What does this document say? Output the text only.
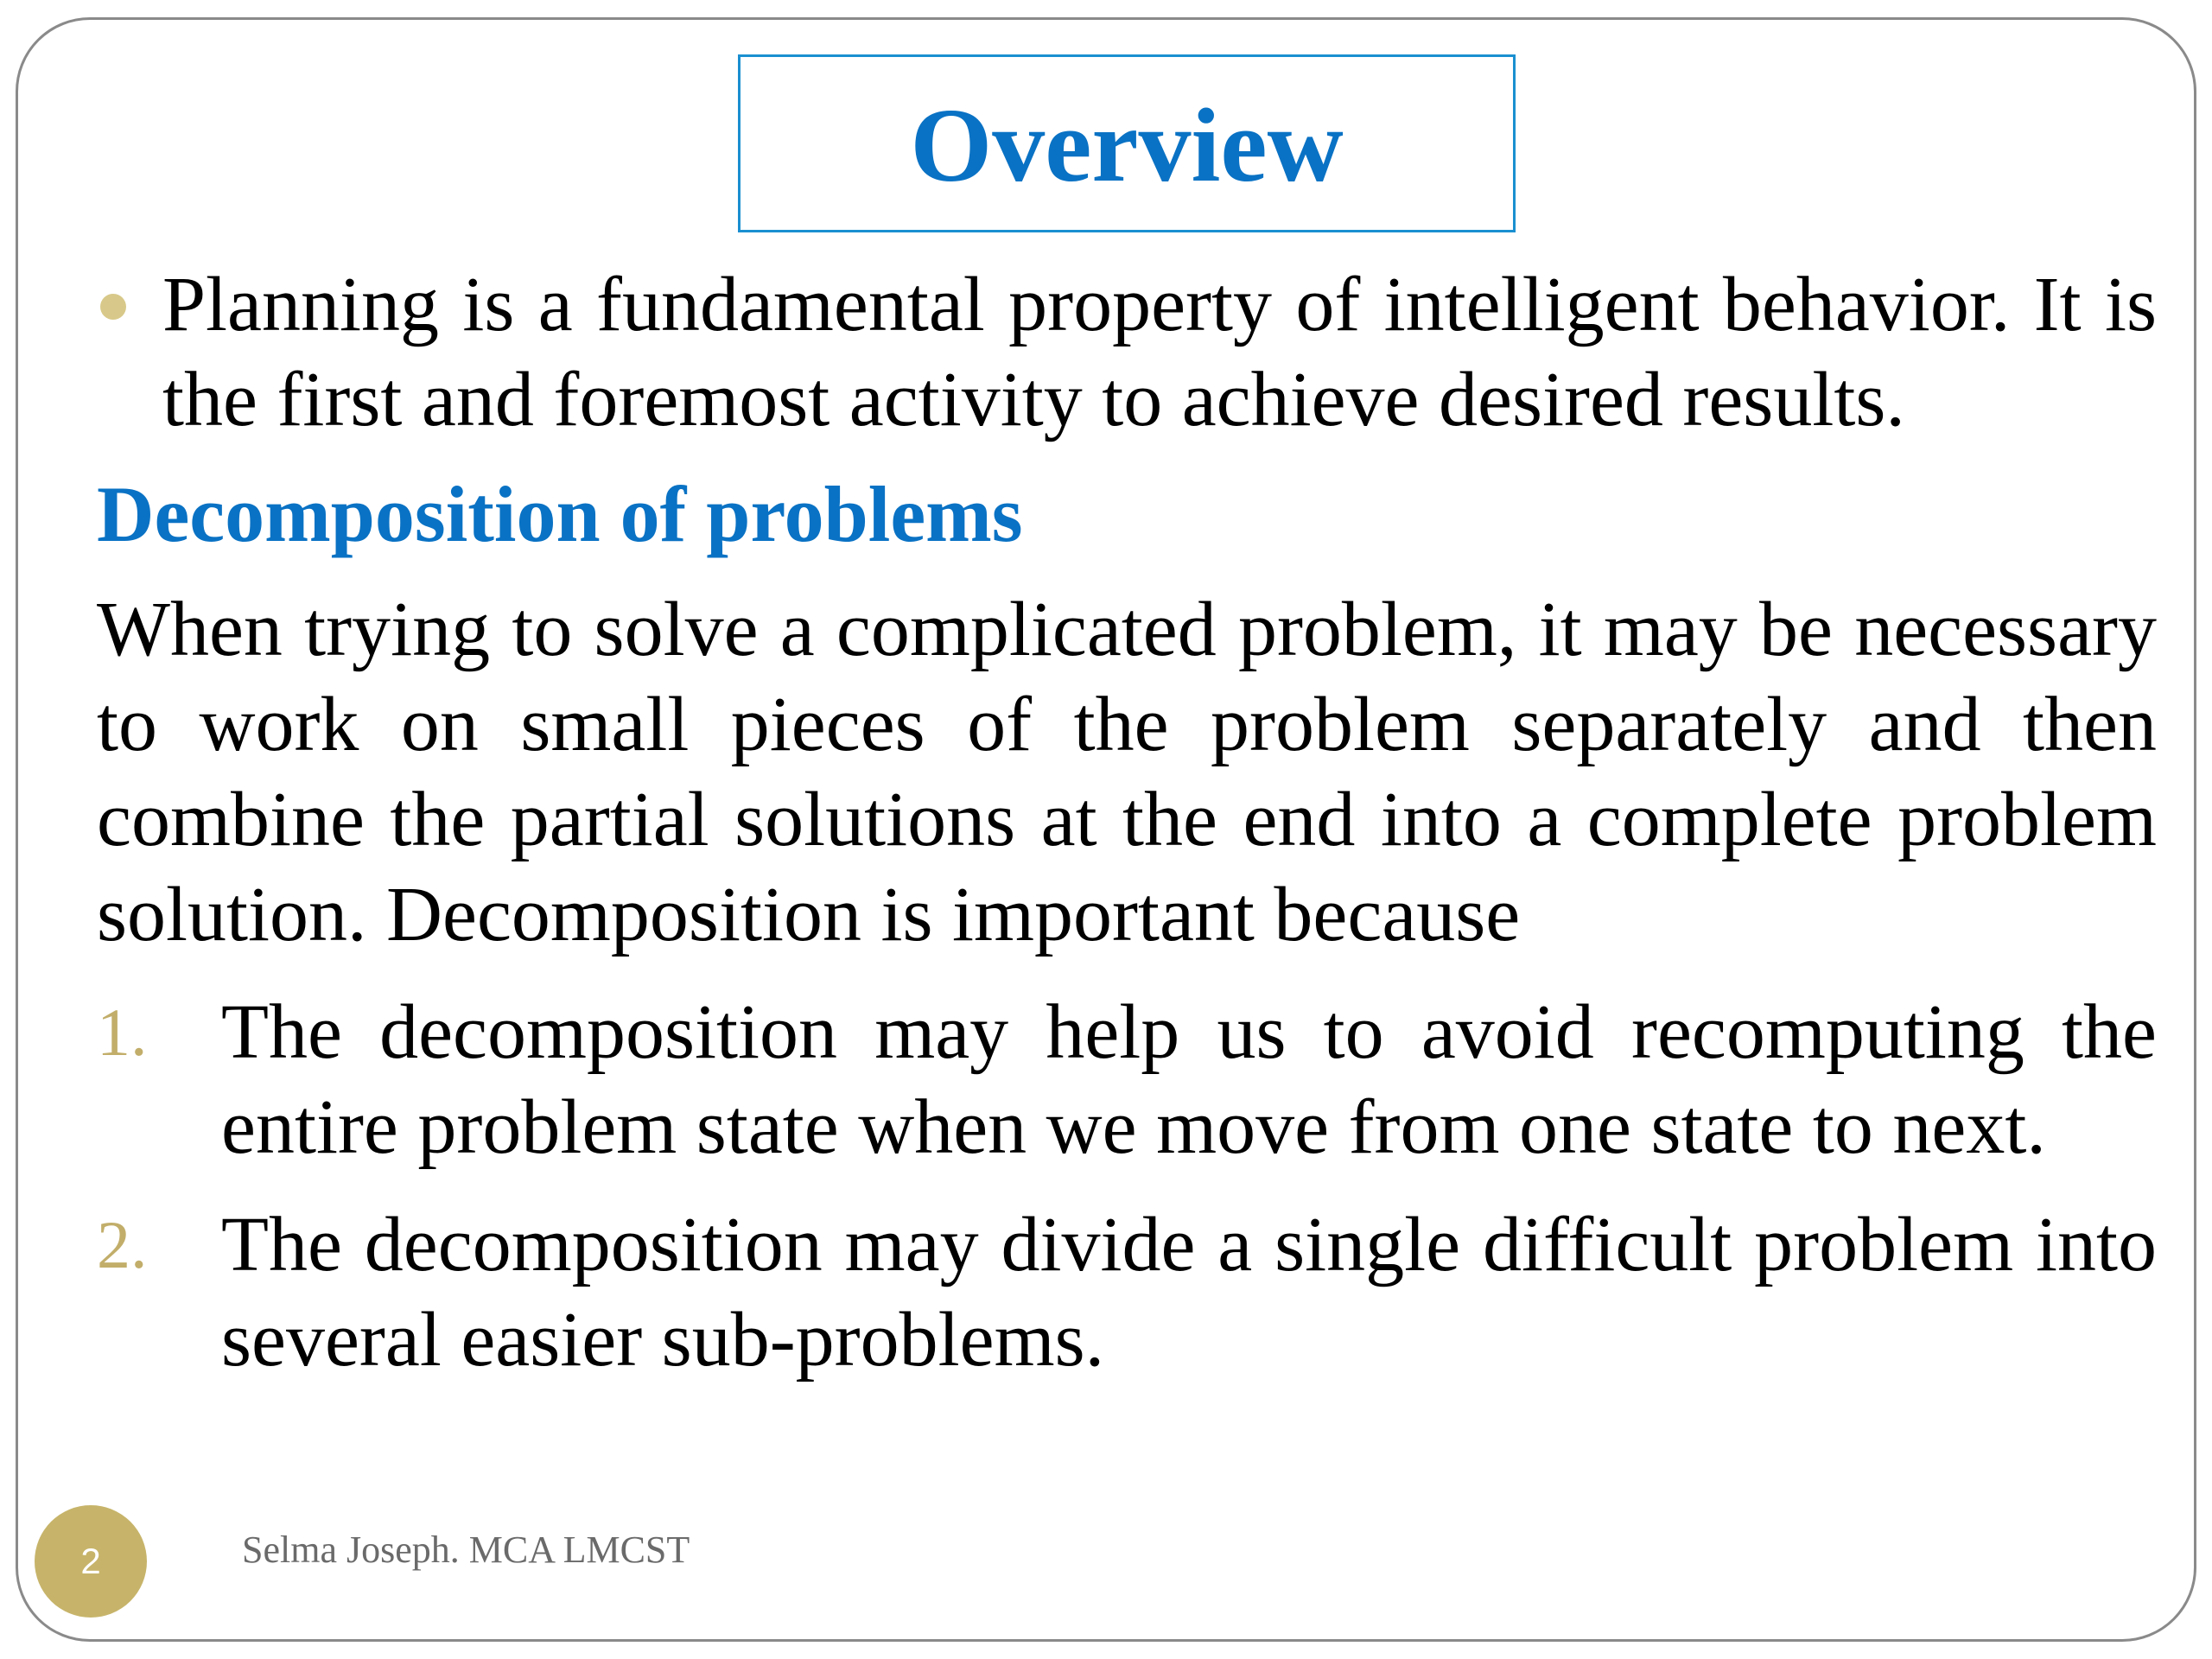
Overview
Planning is a fundamental property of intelligent behavior. It is the first and foremost activity to achieve desired results.
Decomposition of problems
When trying to solve a complicated problem, it may be necessary to work on small pieces of the problem separately and then combine the partial solutions at the end into a complete problem solution. Decomposition is important because
1. The decomposition may help us to avoid recomputing the entire problem state when we move from one state to next.
2. The decomposition may divide a single difficult problem into several easier sub-problems.
2	Selma Joseph. MCA LMCST
